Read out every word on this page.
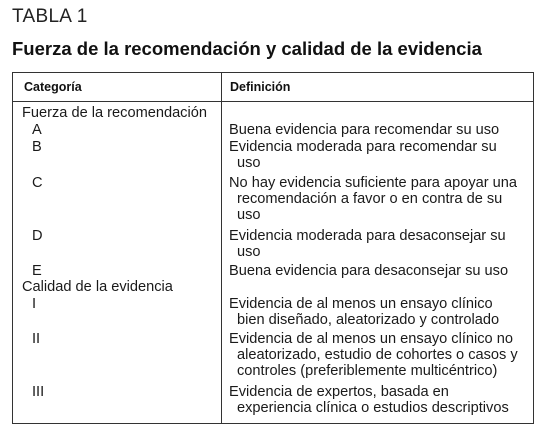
TABLA 1
Fuerza de la recomendación y calidad de la evidencia
Categoría	Definición
Fuerza de la recomendación
A	Buena evidencia para recomendar su uso
B	Evidencia moderada para recomendar su
uso
C	No hay evidencia suficiente para apoyar una
recomendación a favor o en contra de su
uso
D	Evidencia moderada para desaconsejar su
uso
E	Buena evidencia para desaconsejar su uso
Calidad de la evidencia
I	Evidencia de al menos un ensayo clínico
bien diseñado, aleatorizado y controlado
II	Evidencia de al menos un ensayo clínico no
aleatorizado, estudio de cohortes o casos y
controles (preferiblemente multicéntrico)
III	Evidencia de expertos, basada en
experiencia clínica o estudios descriptivos
